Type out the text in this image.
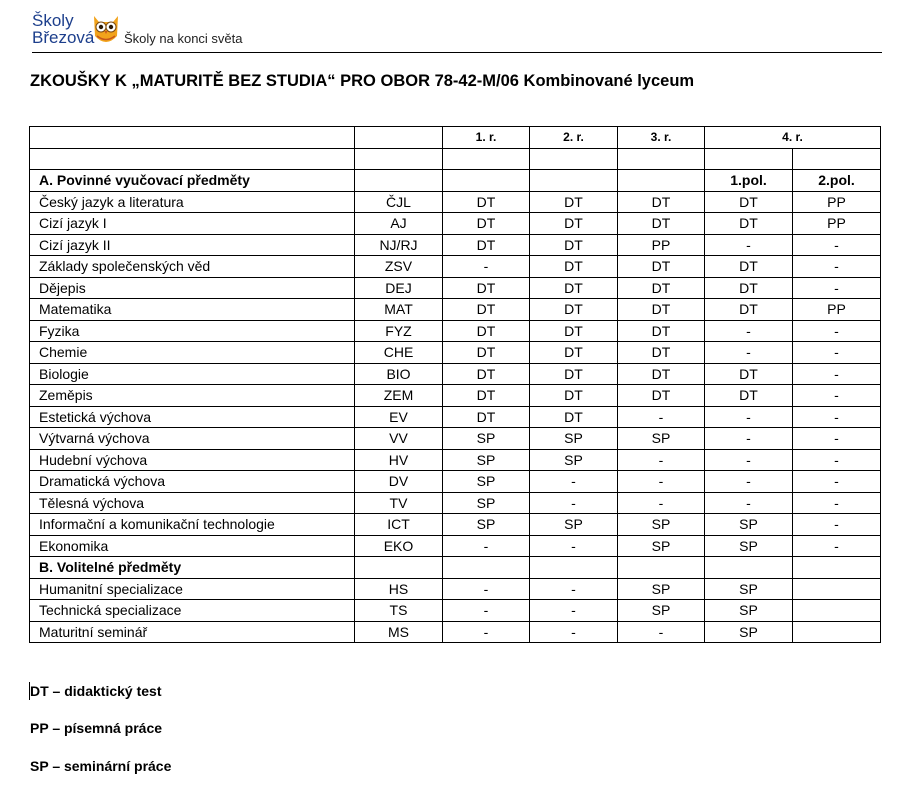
Školy
Březová Školy na konci světa
ZKOUŠKY K „MATURITĚ BEZ STUDIA“ PRO OBOR 78-42-M/06 Kombinované lyceum
		1. r.	2. r.	3. r.	4. r.	

A. Povinné vyučovací předměty					1.pol.	2.pol.
Český jazyk a literatura	ČJL	DT	DT	DT	DT	PP
Cizí jazyk I	AJ	DT	DT	DT	DT	PP
Cizí jazyk II	NJ/RJ	DT	DT	PP	-	-
Základy společenských věd	ZSV	-	DT	DT	DT	-
Dějepis	DEJ	DT	DT	DT	DT	-
Matematika	MAT	DT	DT	DT	DT	PP
Fyzika	FYZ	DT	DT	DT	-	-
Chemie	CHE	DT	DT	DT	-	-
Biologie	BIO	DT	DT	DT	DT	-
Zeměpis	ZEM	DT	DT	DT	DT	-
Estetická výchova	EV	DT	DT	-	-	-
Výtvarná výchova	VV	SP	SP	SP	-	-
Hudební výchova	HV	SP	SP	-	-	-
Dramatická výchova	DV	SP	-	-	-	-
Tělesná výchova	TV	SP	-	-	-	-
Informační a komunikační technologie	ICT	SP	SP	SP	SP	-
Ekonomika	EKO	-	-	SP	SP	-
B. Volitelné předměty						
Humanitní specializace	HS	-	-	SP	SP	
Technická specializace	TS	-	-	SP	SP	
Maturitní seminář	MS	-	-	-	SP	
DT – didaktický test
PP – písemná práce
SP – seminární práce
